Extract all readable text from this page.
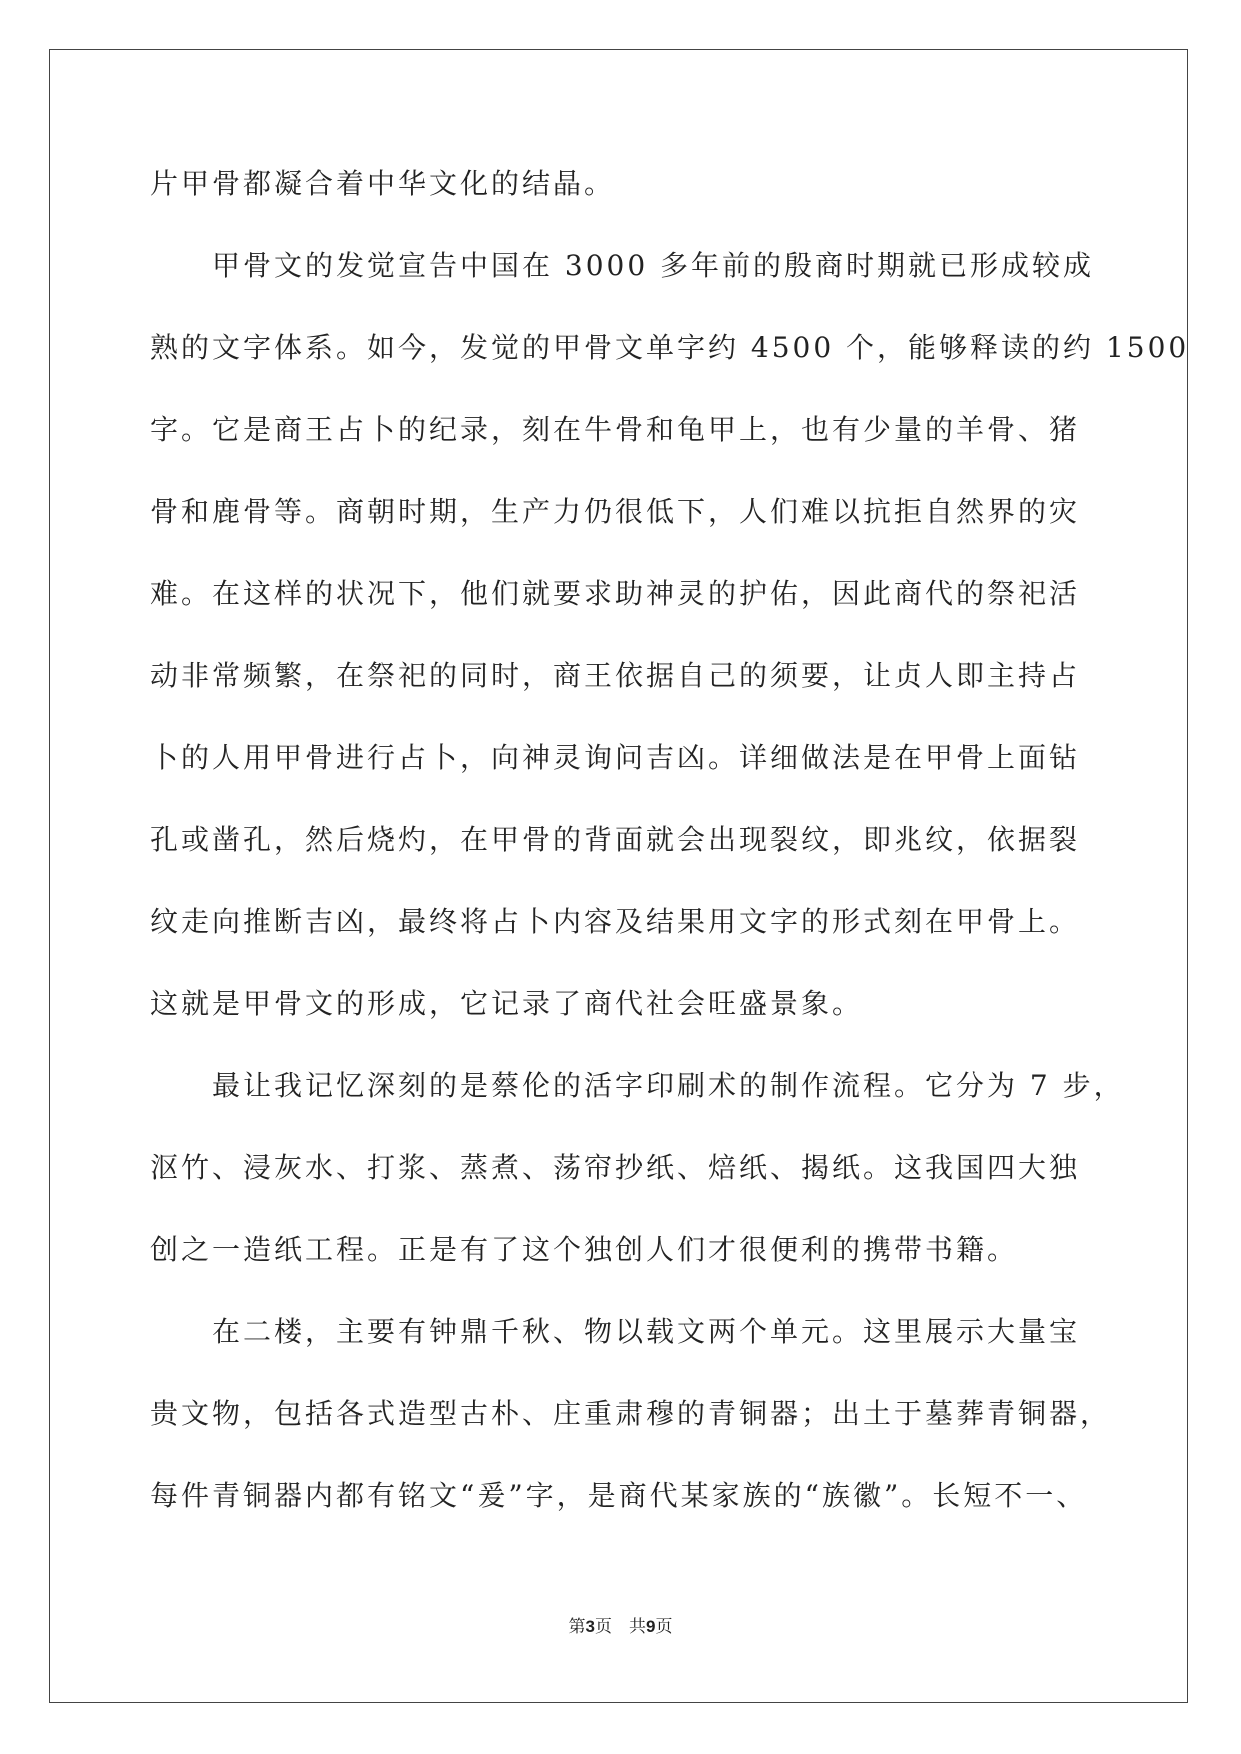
片甲骨都凝合着中华文化的结晶。
甲骨文的发觉宣告中国在 3000 多年前的殷商时期就已形成较成
熟的文字体系。如今，发觉的甲骨文单字约 4500 个，能够释读的约 1500
字。它是商王占卜的纪录，刻在牛骨和龟甲上，也有少量的羊骨、猪
骨和鹿骨等。商朝时期，生产力仍很低下，人们难以抗拒自然界的灾
难。在这样的状况下，他们就要求助神灵的护佑，因此商代的祭祀活
动非常频繁，在祭祀的同时，商王依据自己的须要，让贞人即主持占
卜的人用甲骨进行占卜，向神灵询问吉凶。详细做法是在甲骨上面钻
孔或凿孔，然后烧灼，在甲骨的背面就会出现裂纹，即兆纹，依据裂
纹走向推断吉凶，最终将占卜内容及结果用文字的形式刻在甲骨上。
这就是甲骨文的形成，它记录了商代社会旺盛景象。
最让我记忆深刻的是蔡伦的活字印刷术的制作流程。它分为 7 步，
沤竹、浸灰水、打浆、蒸煮、荡帘抄纸、焙纸、揭纸。这我国四大独
创之一造纸工程。正是有了这个独创人们才很便利的携带书籍。
在二楼，主要有钟鼎千秋、物以载文两个单元。这里展示大量宝
贵文物，包括各式造型古朴、庄重肃穆的青铜器；出土于墓葬青铜器，
每件青铜器内都有铭文“爰”字，是商代某家族的“族徽”。长短不一、
第3页　共9页
